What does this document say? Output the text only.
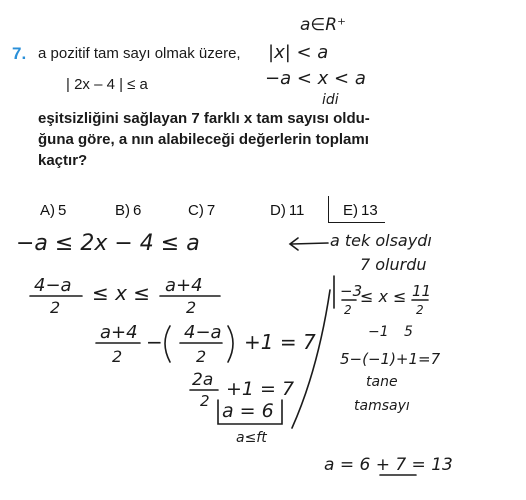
7. a pozitif tam sayı olmak üzere,
| 2x – 4 | ≤ a
eşitsizliğini sağlayan 7 farklı x tam sayısı oldu-
ğuna göre, a nın alabileceği değerlerin toplamı
kaçtır?
A) 5	B) 6	C) 7	D) 11	E) 13
a∈R⁺
|x| < a
−a < x < a
idi
−a ≤ 2x − 4 ≤ a
4−a
2
≤ x ≤ a+4
2
a+4
2
− 4−a
2
+1 = 7
2a
2
+1 = 7
a = 6
a≤ft
a tek olsaydı
7 olurdu
−3
2
≤ x ≤ 11
2
−1 5
5−(−1)+1=7
tane
tamsayı
a = 6 + 7 = 13
